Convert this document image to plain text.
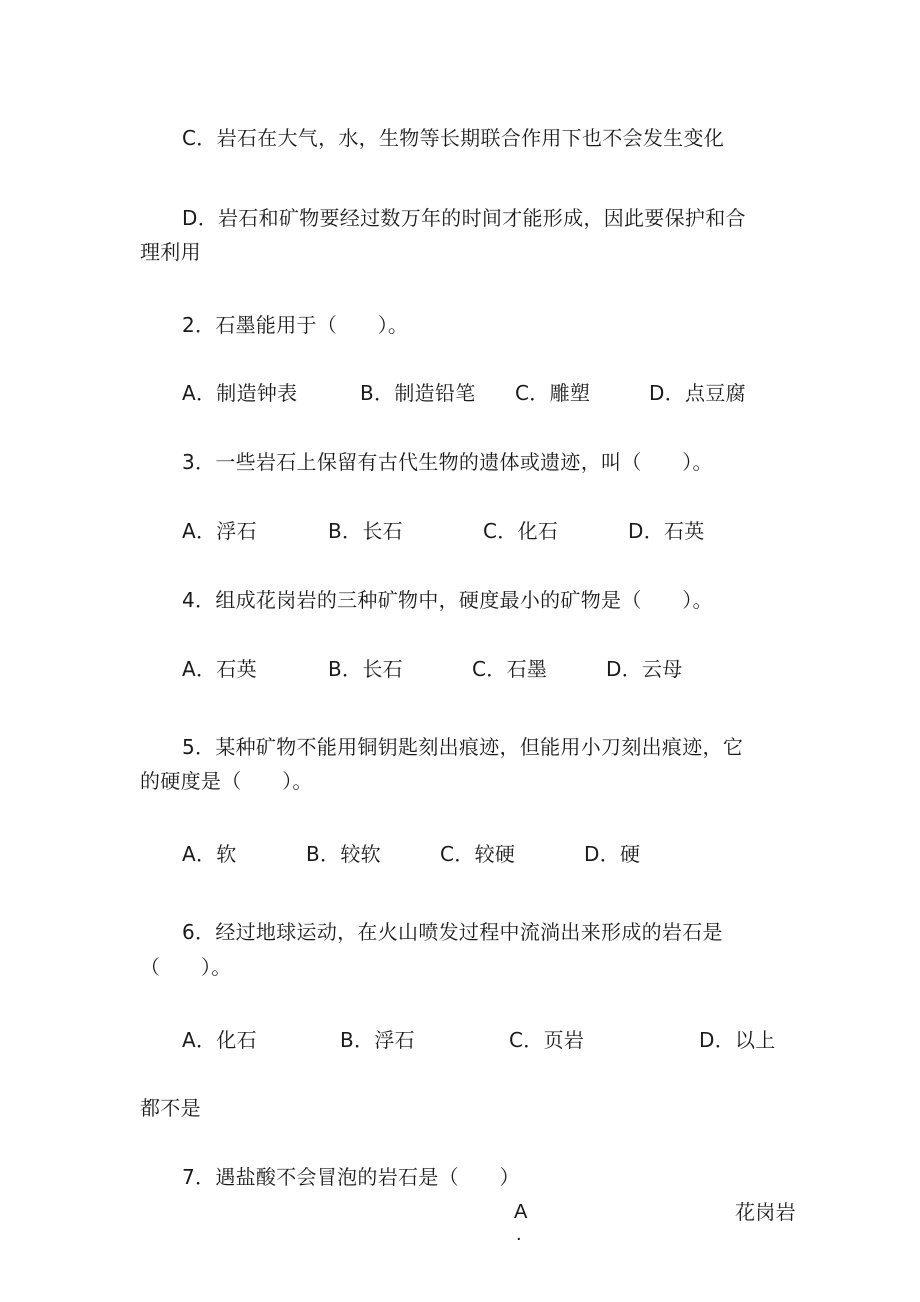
C．岩石在大气，水，生物等长期联合作用下也不会发生变化
D．岩石和矿物要经过数万年的时间才能形成，因此要保护和合
理利用
2．石墨能用于（　　）。
A．制造钟表	B．制造铅笔 C．雕塑	D．点豆腐
3．一些岩石上保留有古代生物的遗体或遗迹，叫（　　）。
A．浮石	B．长石	C．化石	D．石英
4．组成花岗岩的三种矿物中，硬度最小的矿物是（　　）。
A．石英	B．长石	C．石墨	D．云母
5．某种矿物不能用铜钥匙刻出痕迹，但能用小刀刻出痕迹，它
的硬度是（　　）。
A．软	B．较软	C．较硬	D．硬
6．经过地球运动，在火山喷发过程中流淌出来形成的岩石是
（　　）。
A．化石	B．浮石	C．页岩	D．以上
都不是
7．遇盐酸不会冒泡的岩石是（　　）
A
.
花岗岩
